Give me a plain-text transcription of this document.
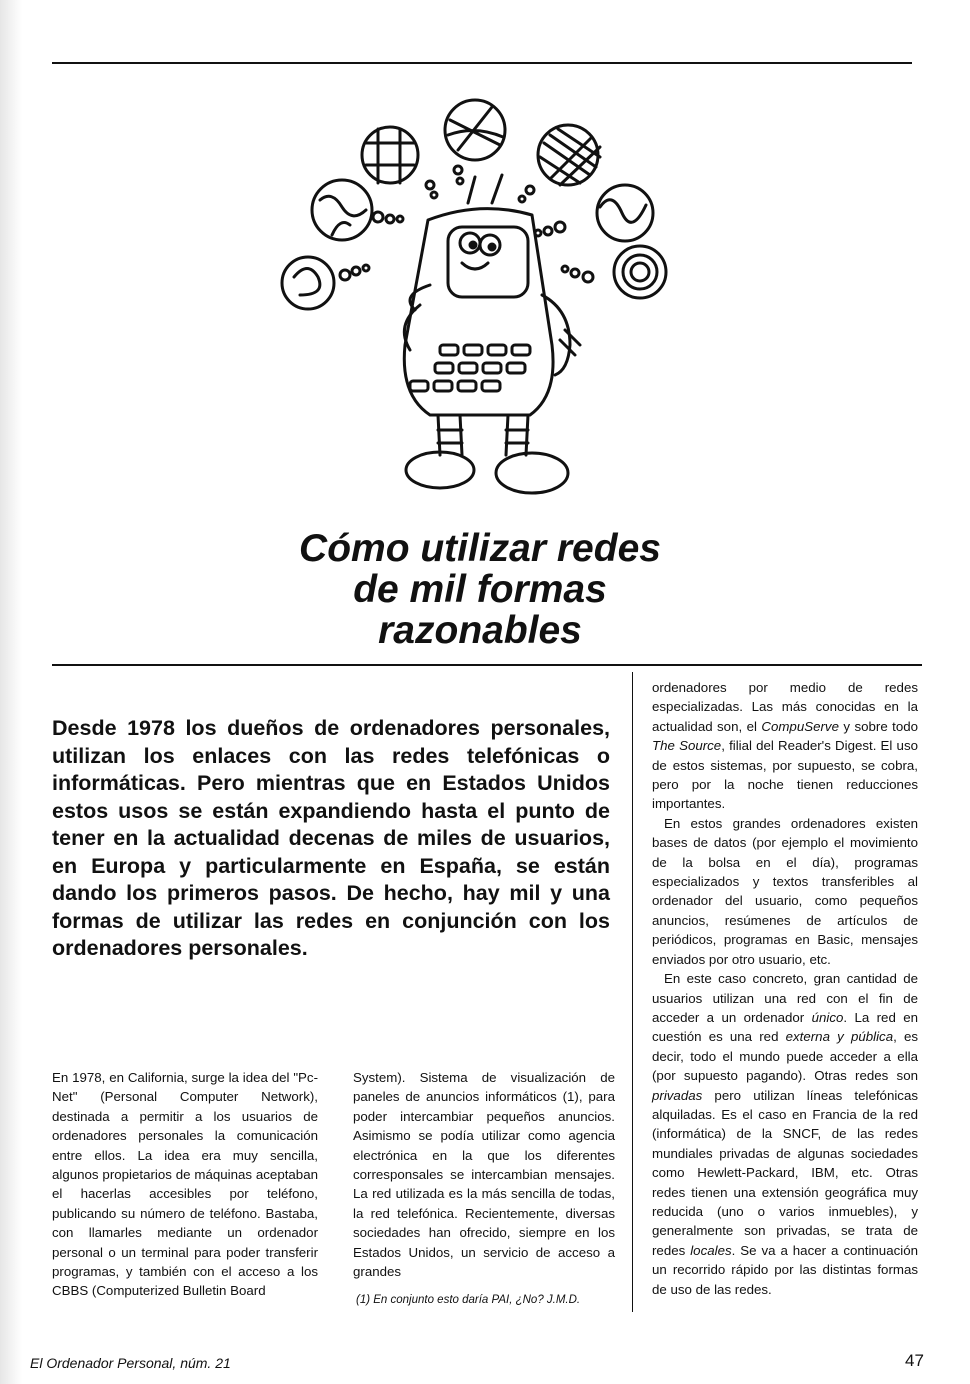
Cómo utilizar redes
de mil formas
razonables
Desde 1978 los dueños de ordenadores personales, utilizan los enlaces con las redes telefónicas o informáticas. Pero mientras que en Estados Unidos estos usos se están expandiendo hasta el punto de tener en la actualidad decenas de miles de usuarios, en Europa y particularmente en España, se están dando los primeros pasos. De hecho, hay mil y una formas de utilizar las redes en conjunción con los ordenadores personales.

En 1978, en California, surge la idea del "Pc-Net" (Personal Computer Network), destinada a permitir a los usuarios de ordenadores personales la comunicación entre ellos. La idea era muy sencilla, algunos propietarios de máquinas aceptaban el hacerlas accesibles por teléfono, publicando su número de teléfono. Bastaba, con llamarles mediante un ordenador personal o un terminal para poder transferir programas, y también con el acceso a los CBBS (Computerized Bulletin Board

System). Sistema de visualización de paneles de anuncios informáticos (1), para poder intercambiar pequeños anuncios. Asimismo se podía utilizar como agencia electrónica en la que los diferentes corresponsales se intercambian mensajes. La red utilizada es la más sencilla de todas, la red telefónica. Recientemente, diversas sociedades han ofrecido, siempre en los Estados Unidos, un servicio de acceso a grandes

(1) En conjunto esto daría PAI, ¿No? J.M.D.

ordenadores por medio de redes especializadas. Las más conocidas en la actualidad son, el CompuServe y sobre todo The Source, filial del Reader's Digest. El uso de estos sistemas, por supuesto, se cobra, pero por la noche tienen reducciones importantes.

En estos grandes ordenadores existen bases de datos (por ejemplo el movimiento de la bolsa en el día), programas especializados y textos transferibles al ordenador del usuario, como pequeños anuncios, resúmenes de artículos de periódicos, programas en Basic, mensajes enviados por otro usuario, etc.

En este caso concreto, gran cantidad de usuarios utilizan una red con el fin de acceder a un ordenador único. La red en cuestión es una red externa y pública, es decir, todo el mundo puede acceder a ella (por supuesto pagando). Otras redes son privadas pero utilizan líneas telefónicas alquiladas. Es el caso en Francia de la red (informática) de la SNCF, de las redes mundiales privadas de algunas sociedades como Hewlett-Packard, IBM, etc. Otras redes tienen una extensión geográfica muy reducida (uno o varios inmuebles), y generalmente son privadas, se trata de redes locales. Se va a hacer a continuación un recorrido rápido por las distintas formas de uso de las redes.

El Ordenador Personal, núm. 21	47
